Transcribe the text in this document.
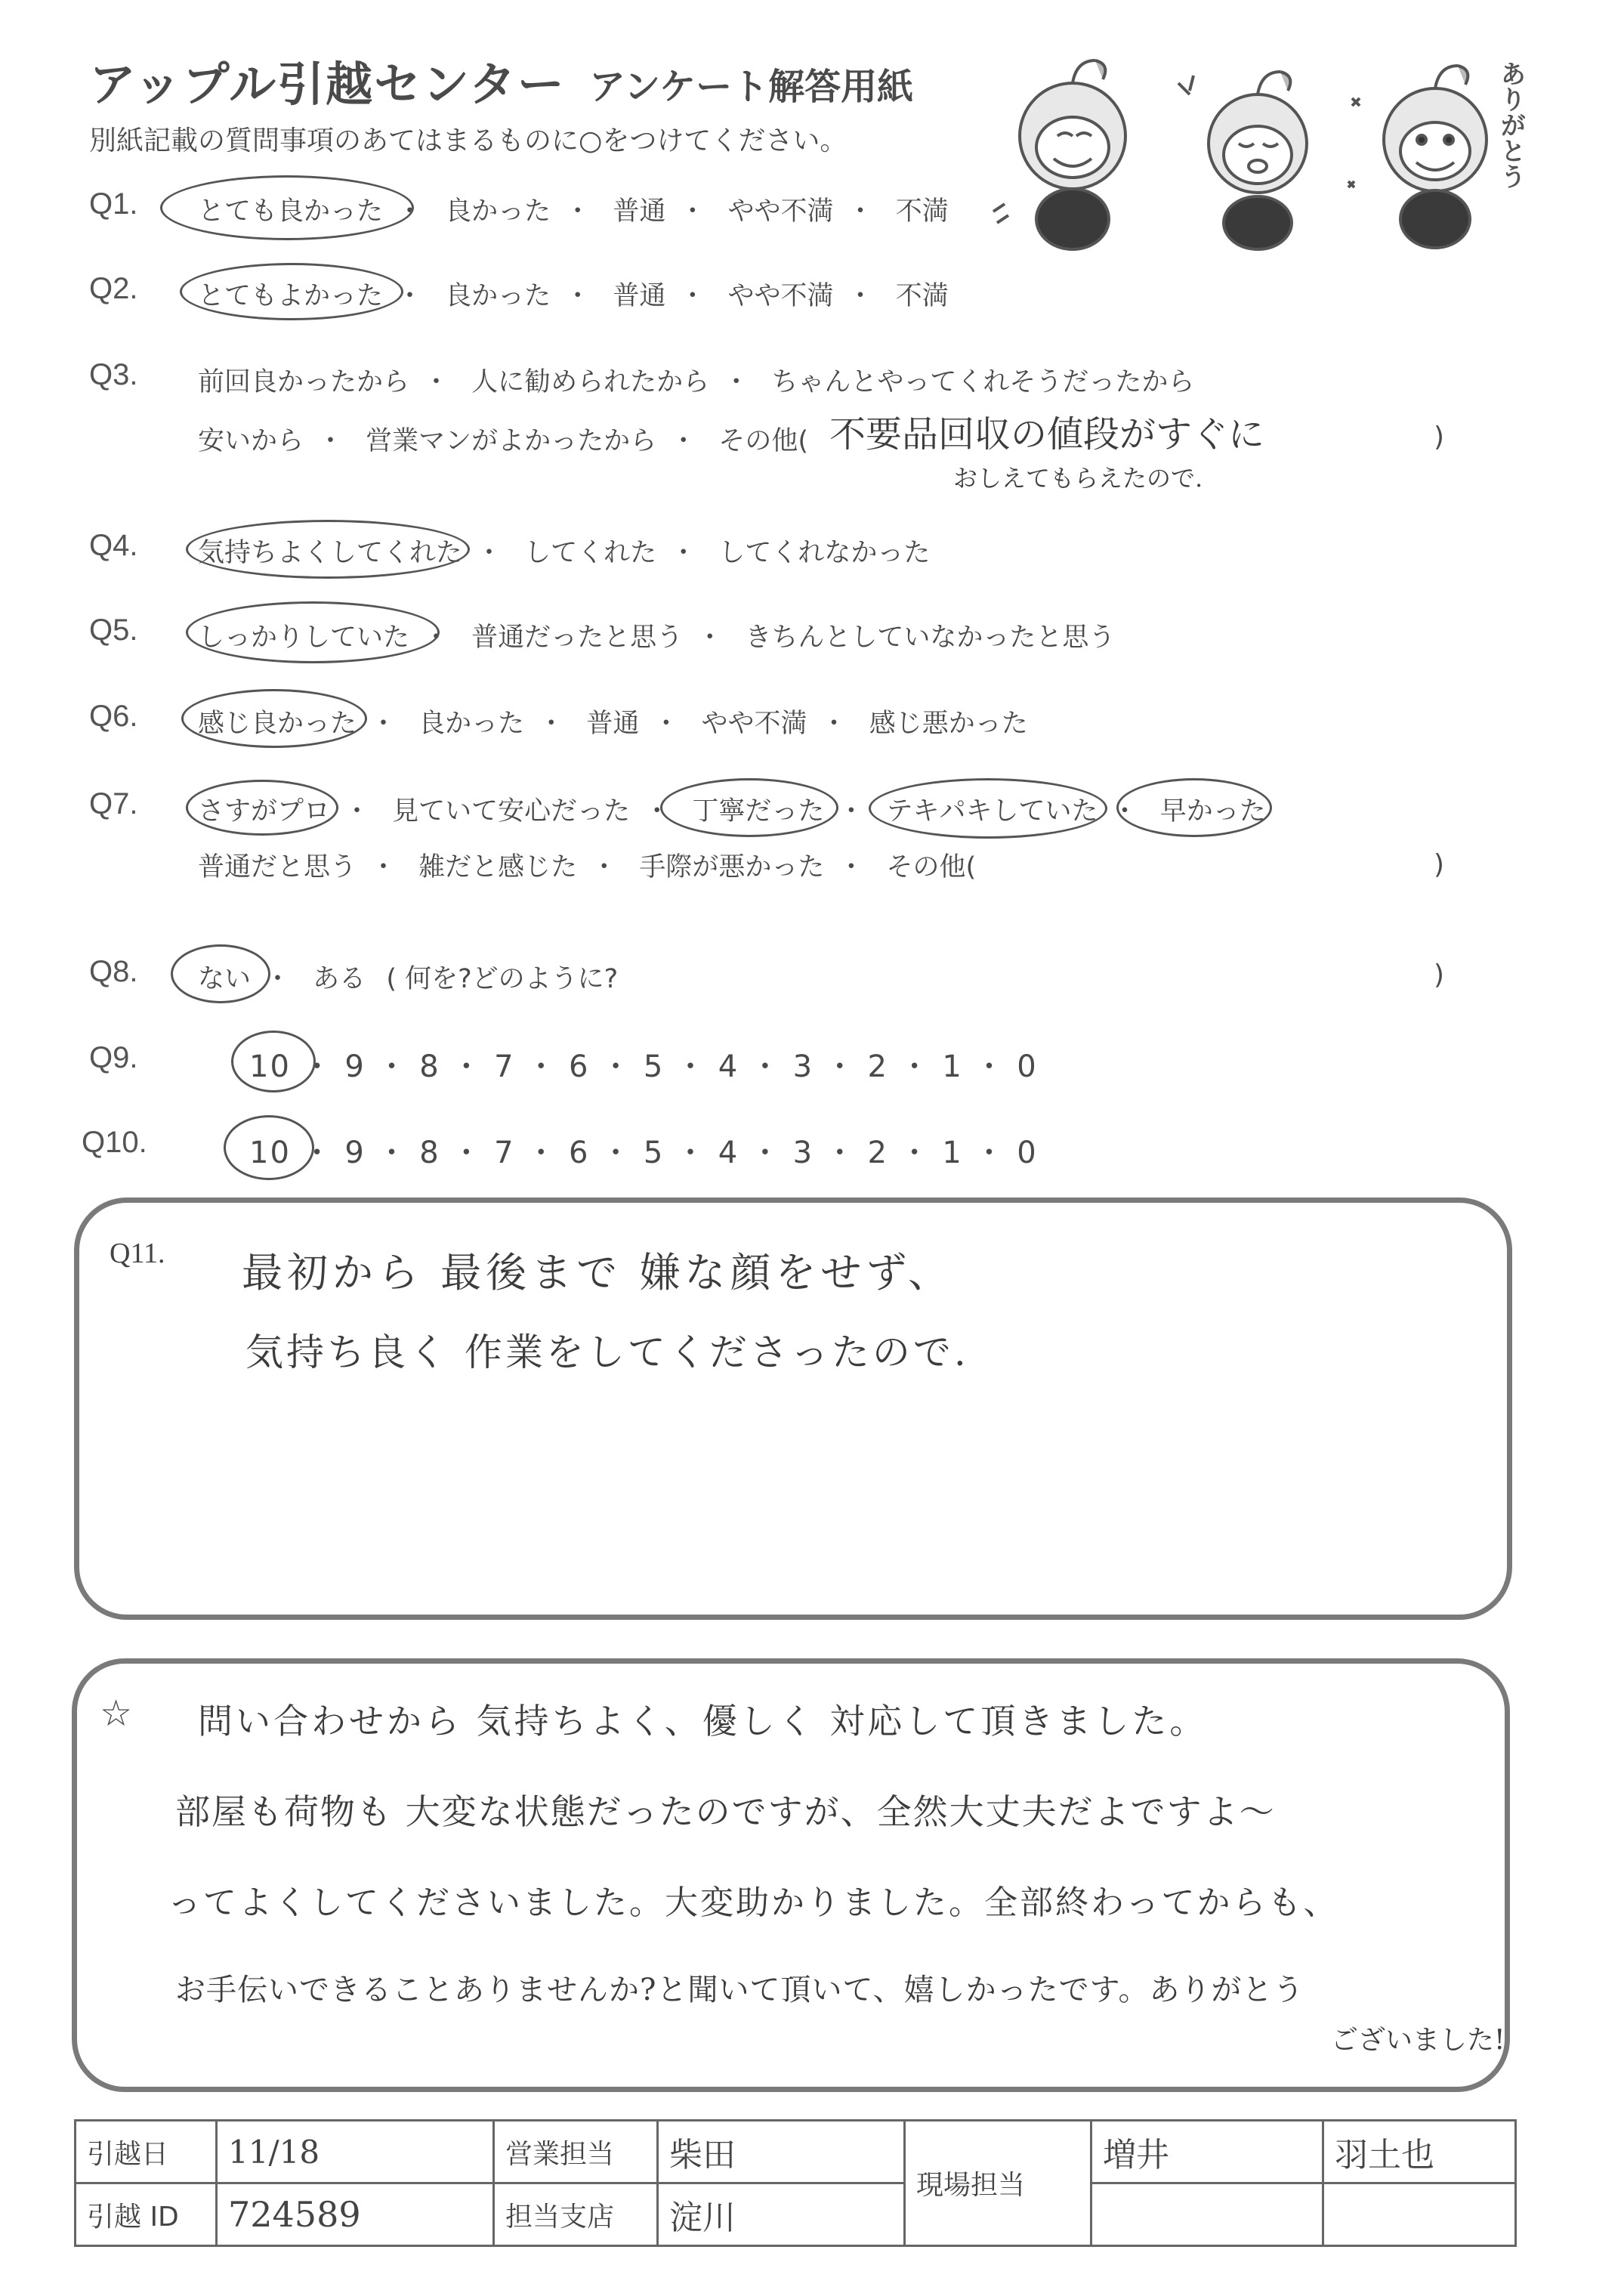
アップル引越センター アンケート解答用紙
別紙記載の質問事項のあてはまるものに○をつけてください。	ありがとう
Q1. とても良かった ・ 良かった ・ 普通 ・ やや不満 ・ 不満
Q2. とてもよかった ・ 良かった ・ 普通 ・ やや不満 ・ 不満
Q3. 前回良かったから ・ 人に勧められたから ・ ちゃんとやってくれそうだったから
安いから ・ 営業マンがよかったから ・ その他( 不要品回収の値段がすぐに
おしえてもらえたので.
)
Q4. 気持ちよくしてくれた ・ してくれた ・ してくれなかった
Q5. しっかりしていた ・ 普通だったと思う ・ きちんとしていなかったと思う
Q6. 感じ良かった ・ 良かった ・ 普通 ・ やや不満 ・ 感じ悪かった
Q7. さすがプロ ・ 見ていて安心だった ・ 丁寧だった ・ テキパキしていた ・ 早かった
普通だと思う ・ 雑だと感じた ・ 手際が悪かった ・ その他(	)
Q8. ない ・ ある ( 何を?どのように?	)
Q9.	10 ・ 9 ・ 8 ・ 7 ・ 6 ・ 5 ・ 4 ・ 3 ・ 2 ・ 1 ・ 0
Q10.	10 ・ 9 ・ 8 ・ 7 ・ 6 ・ 5 ・ 4 ・ 3 ・ 2 ・ 1 ・ 0
Q11. 最初から 最後まで 嫌な顔をせず、
気持ち良く 作業をしてくださったので.
☆ 問い合わせから 気持ちよく、優しく 対応して頂きました。
部屋も荷物も 大変な状態だったのですが、全然大丈夫だよですよ〜
ってよくしてくださいました。大変助かりました。全部終わってからも、
お手伝いできることありませんか?と聞いて頂いて、嬉しかったです。ありがとう
ございました!
引越日	11/18	営業担当	柴田	現場担当	増井	羽土也
引越 ID	724589	担当支店	淀川			
